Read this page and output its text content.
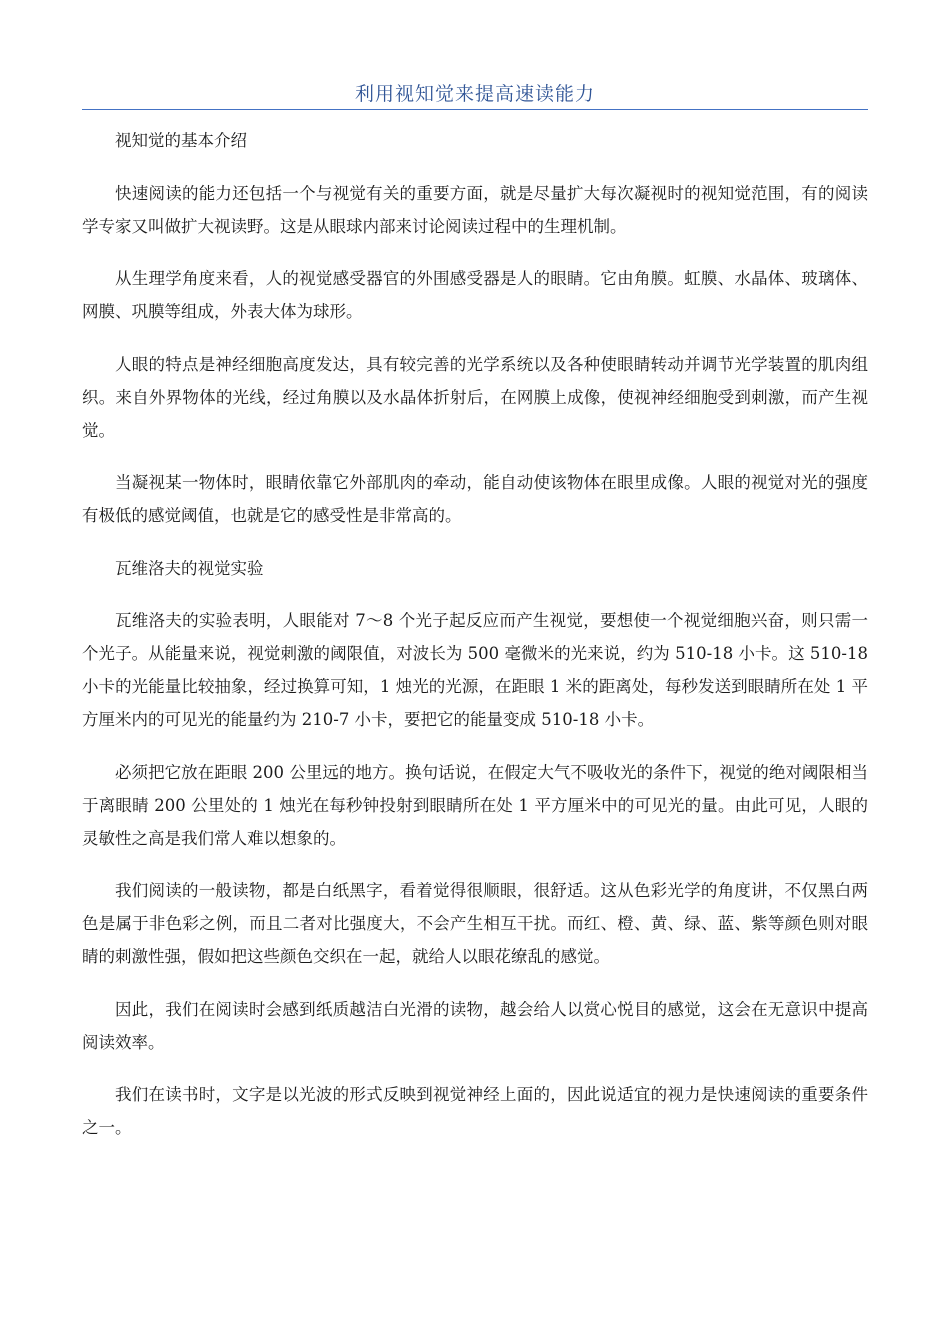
利用视知觉来提高速读能力

视知觉的基本介绍

快速阅读的能力还包括一个与视觉有关的重要方面，就是尽量扩大每次凝视时的视知觉范围，有的阅读学专家又叫做扩大视读野。这是从眼球内部来讨论阅读过程中的生理机制。

从生理学角度来看，人的视觉感受器官的外围感受器是人的眼睛。它由角膜。虹膜、水晶体、玻璃体、网膜、巩膜等组成，外表大体为球形。

人眼的特点是神经细胞高度发达，具有较完善的光学系统以及各种使眼睛转动并调节光学装置的肌肉组织。来自外界物体的光线，经过角膜以及水晶体折射后，在网膜上成像，使视神经细胞受到刺激，而产生视觉。

当凝视某一物体时，眼睛依靠它外部肌肉的牵动，能自动使该物体在眼里成像。人眼的视觉对光的强度有极低的感觉阈值，也就是它的感受性是非常高的。

瓦维洛夫的视觉实验

瓦维洛夫的实验表明，人眼能对 7～8 个光子起反应而产生视觉，要想使一个视觉细胞兴奋，则只需一个光子。从能量来说，视觉刺激的阈限值，对波长为 500 毫微米的光来说，约为 510-18 小卡。这 510-18 小卡的光能量比较抽象，经过换算可知，1 烛光的光源，在距眼 1 米的距离处，每秒发送到眼睛所在处 1 平方厘米内的可见光的能量约为 210-7 小卡，要把它的能量变成 510-18 小卡。

必须把它放在距眼 200 公里远的地方。换句话说，在假定大气不吸收光的条件下，视觉的绝对阈限相当于离眼睛 200 公里处的 1 烛光在每秒钟投射到眼睛所在处 1 平方厘米中的可见光的量。由此可见，人眼的灵敏性之高是我们常人难以想象的。

我们阅读的一般读物，都是白纸黑字，看着觉得很顺眼，很舒适。这从色彩光学的角度讲，不仅黑白两色是属于非色彩之例，而且二者对比强度大，不会产生相互干扰。而红、橙、黄、绿、蓝、紫等颜色则对眼睛的刺激性强，假如把这些颜色交织在一起，就给人以眼花缭乱的感觉。

因此，我们在阅读时会感到纸质越洁白光滑的读物，越会给人以赏心悦目的感觉，这会在无意识中提高阅读效率。

我们在读书时，文字是以光波的形式反映到视觉神经上面的，因此说适宜的视力是快速阅读的重要条件之一。
